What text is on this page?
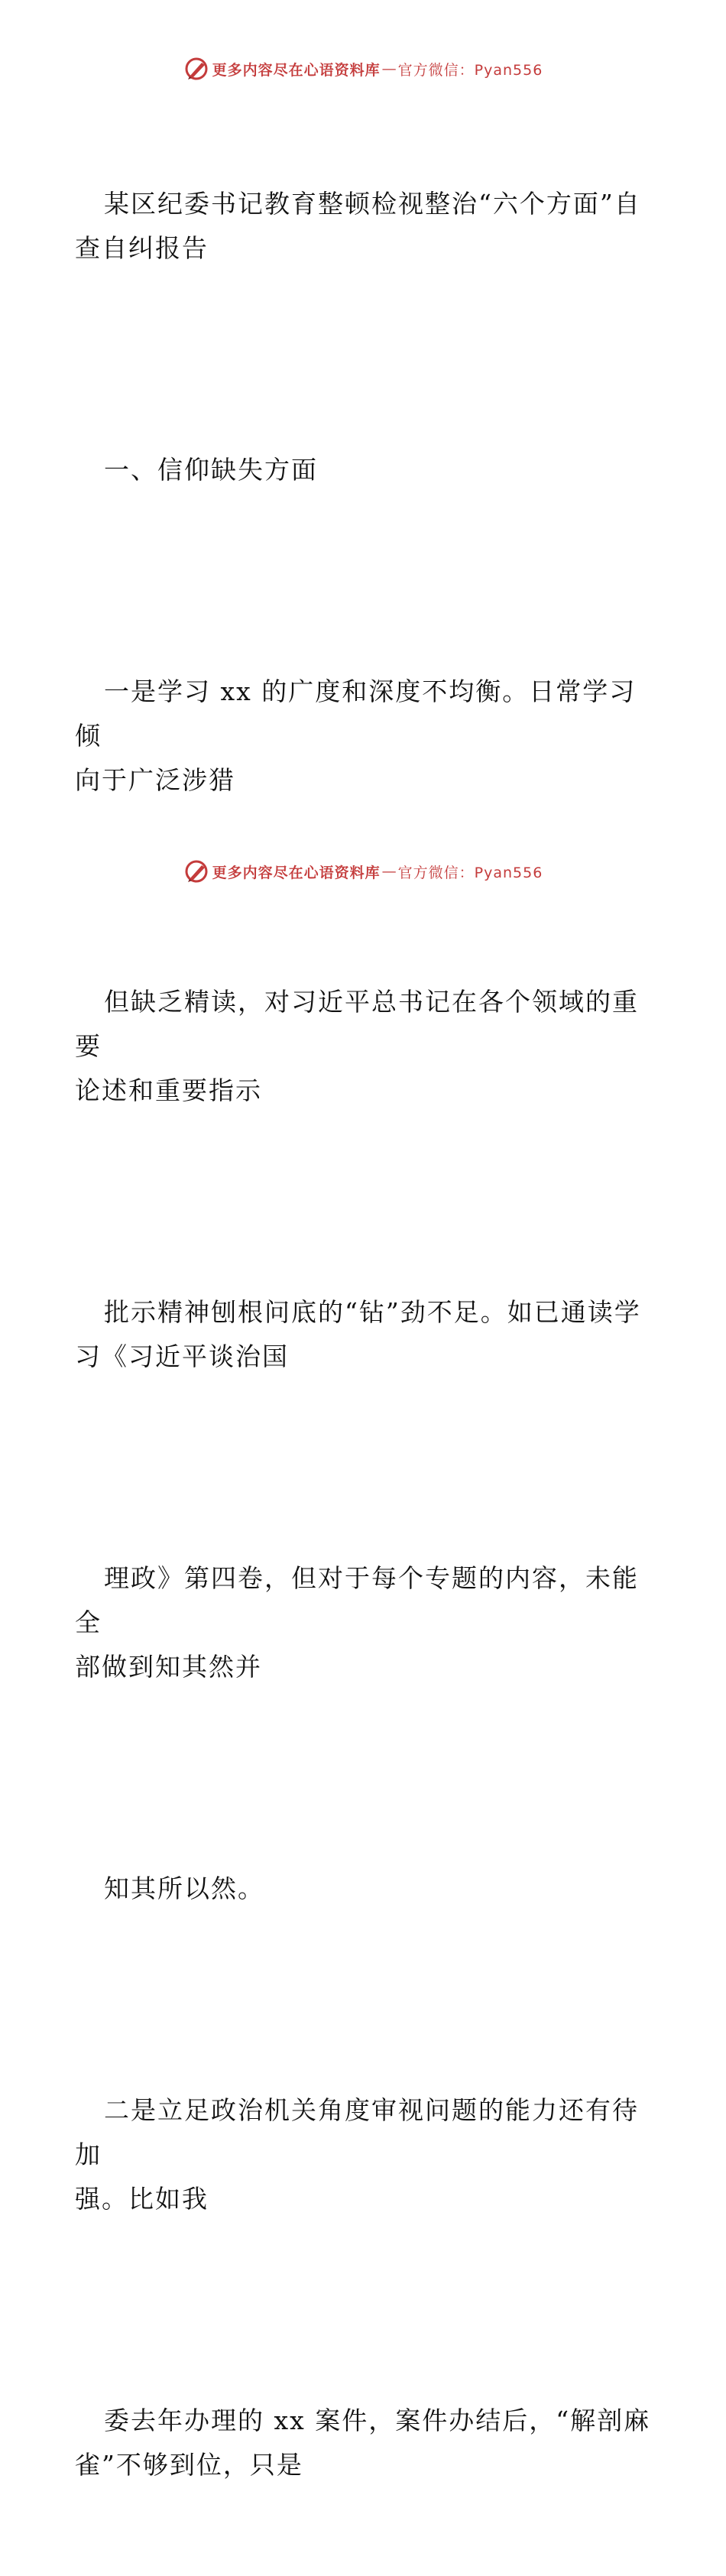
更多内容尽在心语资料库 — 官方微信：Pyan556

某区纪委书记教育整顿检视整治“六个方面”自
查自纠报告

一、信仰缺失方面

一是学习 xx 的广度和深度不均衡。日常学习倾
向于广泛涉猎

但缺乏精读，对习近平总书记在各个领域的重要
论述和重要指示

批示精神刨根问底的“钻”劲不足。如已通读学
习《习近平谈治国

理政》第四卷，但对于每个专题的内容，未能全
部做到知其然并

知其所以然。

二是立足政治机关角度审视问题的能力还有待加
强。比如我

委去年办理的 xx 案件，案件办结后，“解剖麻
雀”不够到位，只是

更多内容尽在心语资料库 — 官方微信：Pyan556
